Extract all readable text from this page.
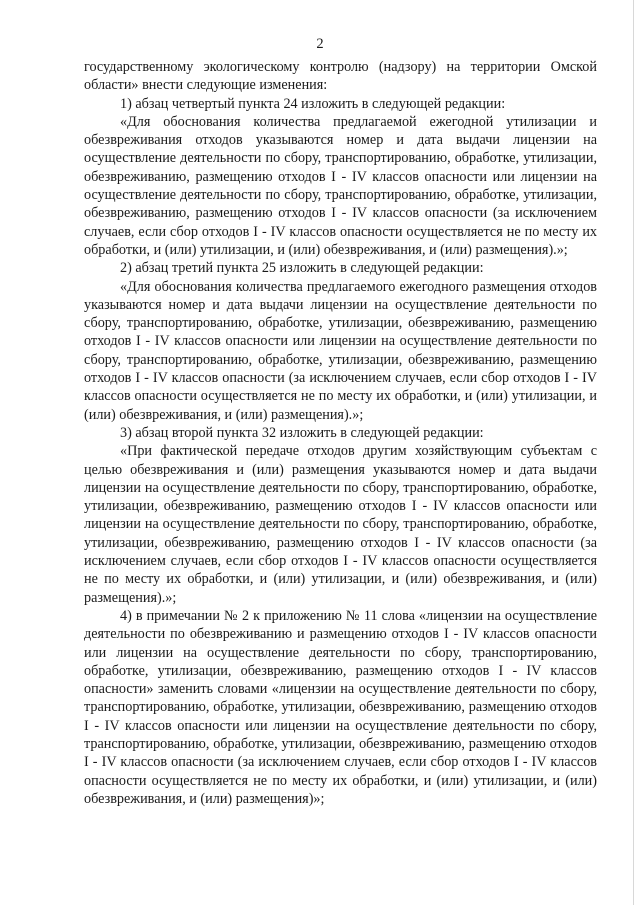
2

государственному экологическому контролю (надзору) на территории Омской области» внести следующие изменения:

1) абзац четвертый пункта 24 изложить в следующей редакции:

«Для обоснования количества предлагаемой ежегодной утилизации и обезвреживания отходов указываются номер и дата выдачи лицензии на осуществление деятельности по сбору, транспортированию, обработке, утилизации, обезвреживанию, размещению отходов I - IV классов опасности или лицензии на осуществление деятельности по сбору, транспортированию, обработке, утилизации, обезвреживанию, размещению отходов I - IV классов опасности (за исключением случаев, если сбор отходов I - IV классов опасности осуществляется не по месту их обработки, и (или) утилизации, и (или) обезвреживания, и (или) размещения).»;

2) абзац третий пункта 25 изложить в следующей редакции:

«Для обоснования количества предлагаемого ежегодного размещения отходов указываются номер и дата выдачи лицензии на осуществление деятельности по сбору, транспортированию, обработке, утилизации, обезвреживанию, размещению отходов I - IV классов опасности или лицензии на осуществление деятельности по сбору, транспортированию, обработке, утилизации, обезвреживанию, размещению отходов I - IV классов опасности (за исключением случаев, если сбор отходов I - IV классов опасности осуществляется не по месту их обработки, и (или) утилизации, и (или) обезвреживания, и (или) размещения).»;

3) абзац второй пункта 32 изложить в следующей редакции:

«При фактической передаче отходов другим хозяйствующим субъектам с целью обезвреживания и (или) размещения указываются номер и дата выдачи лицензии на осуществление деятельности по сбору, транспортированию, обработке, утилизации, обезвреживанию, размещению отходов I - IV классов опасности или лицензии на осуществление деятельности по сбору, транспортированию, обработке, утилизации, обезвреживанию, размещению отходов I - IV классов опасности (за исключением случаев, если сбор отходов I - IV классов опасности осуществляется не по месту их обработки, и (или) утилизации, и (или) обезвреживания, и (или) размещения).»;

4) в примечании № 2 к приложению № 11 слова «лицензии на осуществление деятельности по обезвреживанию и размещению отходов I - IV классов опасности или лицензии на осуществление деятельности по сбору, транспортированию, обработке, утилизации, обезвреживанию, размещению отходов I - IV классов опасности» заменить словами «лицензии на осуществление деятельности по сбору, транспортированию, обработке, утилизации, обезвреживанию, размещению отходов I - IV классов опасности или лицензии на осуществление деятельности по сбору, транспортированию, обработке, утилизации, обезвреживанию, размещению отходов I - IV классов опасности (за исключением случаев, если сбор отходов I - IV классов опасности осуществляется не по месту их обработки, и (или) утилизации, и (или) обезвреживания, и (или) размещения)»;
